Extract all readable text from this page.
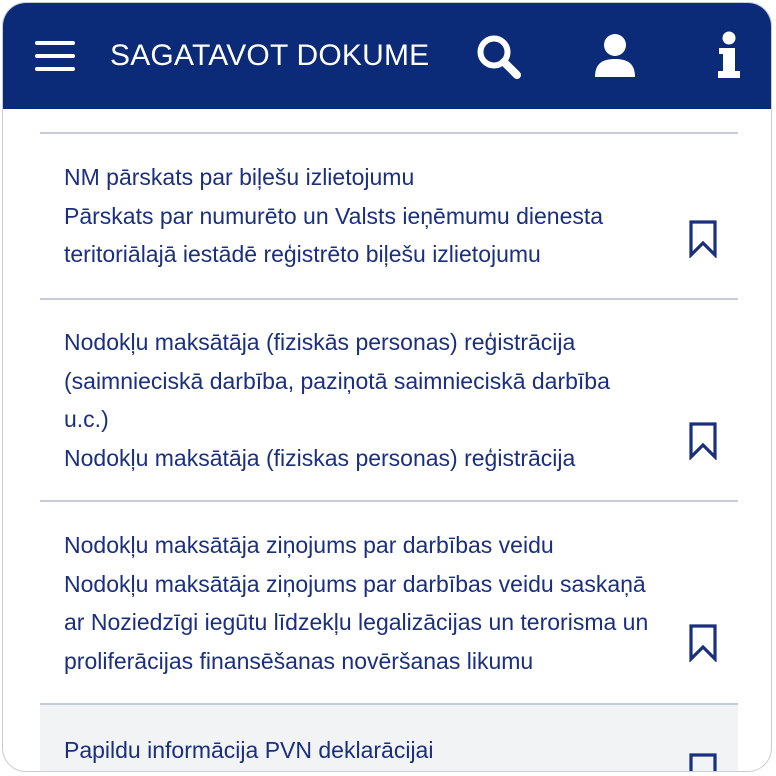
SAGATAVOT DOKUME
NM pārskats par biļešu izlietojumu
Pārskats par numurēto un Valsts ieņēmumu dienesta
teritoriālajā iestādē reģistrēto biļešu izlietojumu
Nodokļu maksātāja (fiziskās personas) reģistrācija
(saimnieciskā darbība, paziņotā saimnieciskā darbība
u.c.)
Nodokļu maksātāja (fiziskas personas) reģistrācija
Nodokļu maksātāja ziņojums par darbības veidu
Nodokļu maksātāja ziņojums par darbības veidu saskaņā
ar Noziedzīgi iegūtu līdzekļu legalizācijas un terorisma un
proliferācijas finansēšanas novēršanas likumu
Papildu informācija PVN deklarācijai
